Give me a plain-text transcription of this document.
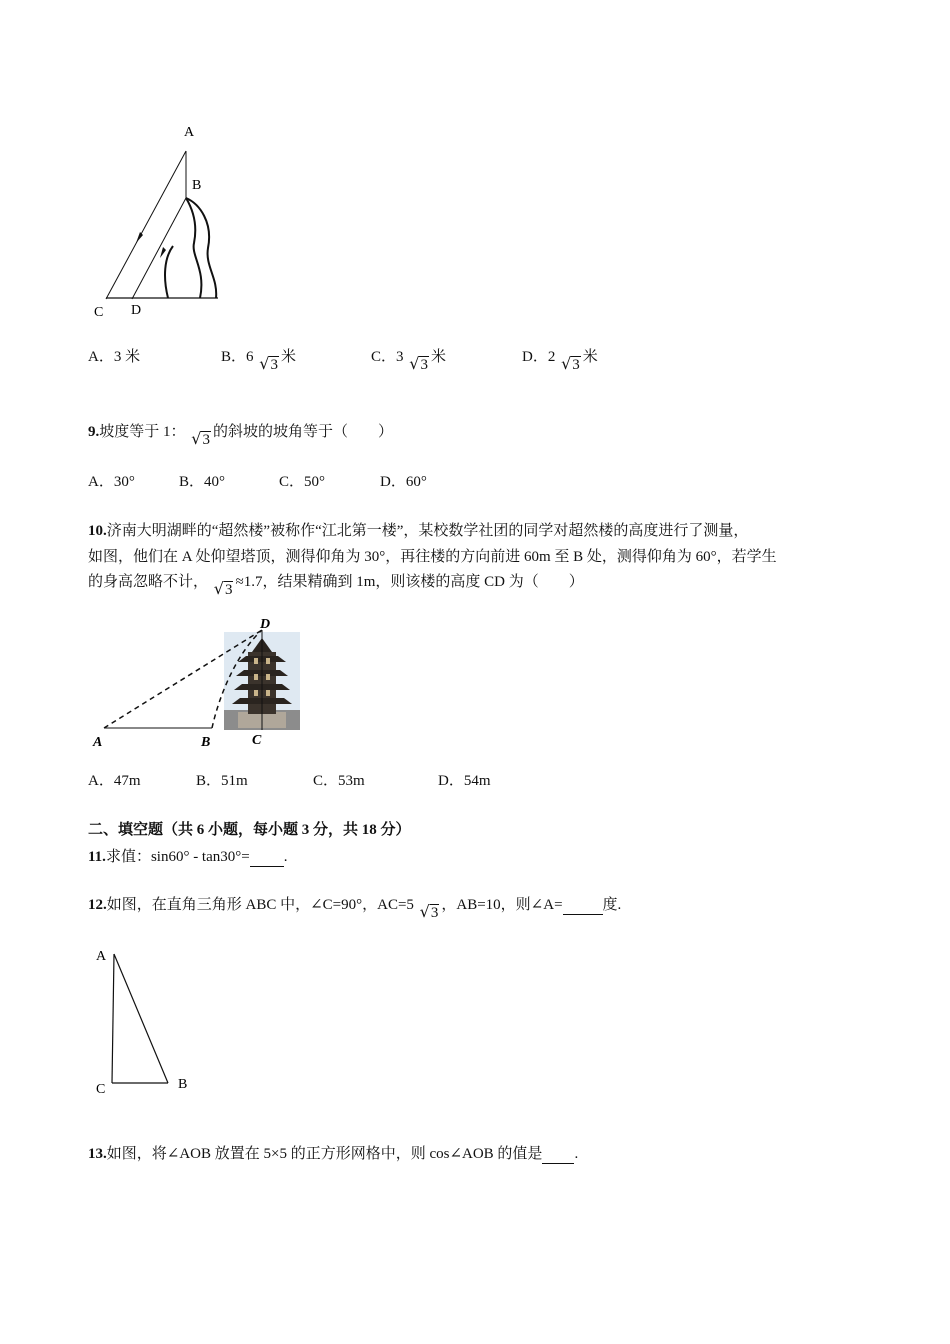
A
B
C D
A．3 米	B．6 √3 米	C．3 √3 米	D．2 √3 米
9.坡度等于 1： √3 的斜坡的坡角等于（　　）
A．30°	B．40°	C．50°	D．60°
10.济南大明湖畔的“超然楼”被称作“江北第一楼”，某校数学社团的同学对超然楼的高度进行了测量，
如图，他们在 A 处仰望塔顶，测得仰角为 30°，再往楼的方向前进 60m 至 B 处，测得仰角为 60°，若学生
的身高忽略不计， √3 ≈1.7，结果精确到 1m，则该楼的高度 CD 为（　　）
A	B	C
D
A．47m	B．51m	C．53m	D．54m
二、填空题（共 6 小题，每小题 3 分，共 18 分）
11.求值：sin60° - tan30°= .
12.如图，在直角三角形 ABC 中，∠C=90°，AC=5 √3 ，AB=10，则∠A=	度.
A
C	B
13.如图，将∠AOB 放置在 5×5 的正方形网格中，则 cos∠AOB 的值是 .
